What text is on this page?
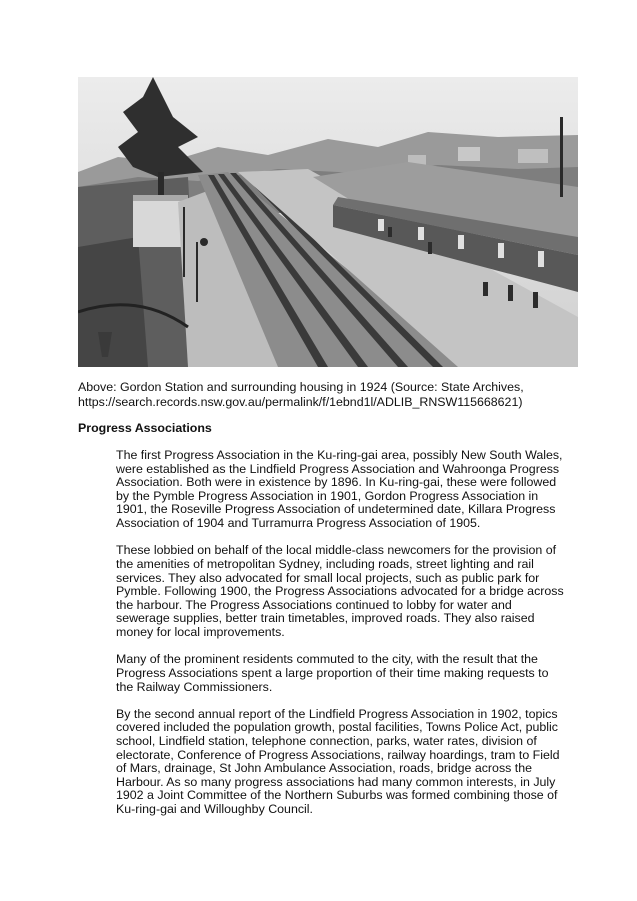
Above: Gordon Station and surrounding housing in 1924 (Source: State Archives,
https://search.records.nsw.gov.au/permalink/f/1ebnd1l/ADLIB_RNSW115668621)
Progress Associations

The first Progress Association in the Ku-ring-gai area, possibly New South Wales, were established as the Lindfield Progress Association and Wahroonga Progress Association. Both were in existence by 1896. In Ku-ring-gai, these were followed by the Pymble Progress Association in 1901, Gordon Progress Association in 1901, the Roseville Progress Association of undetermined date, Killara Progress Association of 1904 and Turramurra Progress Association of 1905.

These lobbied on behalf of the local middle-class newcomers for the provision of the amenities of metropolitan Sydney, including roads, street lighting and rail services. They also advocated for small local projects, such as public park for Pymble. Following 1900, the Progress Associations advocated for a bridge across the harbour. The Progress Associations continued to lobby for water and sewerage supplies, better train timetables, improved roads. They also raised money for local improvements.

Many of the prominent residents commuted to the city, with the result that the Progress Associations spent a large proportion of their time making requests to the Railway Commissioners.

By the second annual report of the Lindfield Progress Association in 1902, topics covered included the population growth, postal facilities, Towns Police Act, public school, Lindfield station, telephone connection, parks, water rates, division of electorate, Conference of Progress Associations, railway hoardings, tram to Field of Mars, drainage, St John Ambulance Association, roads, bridge across the Harbour. As so many progress associations had many common interests, in July 1902 a Joint Committee of the Northern Suburbs was formed combining those of Ku-ring-gai and Willoughby Council.
